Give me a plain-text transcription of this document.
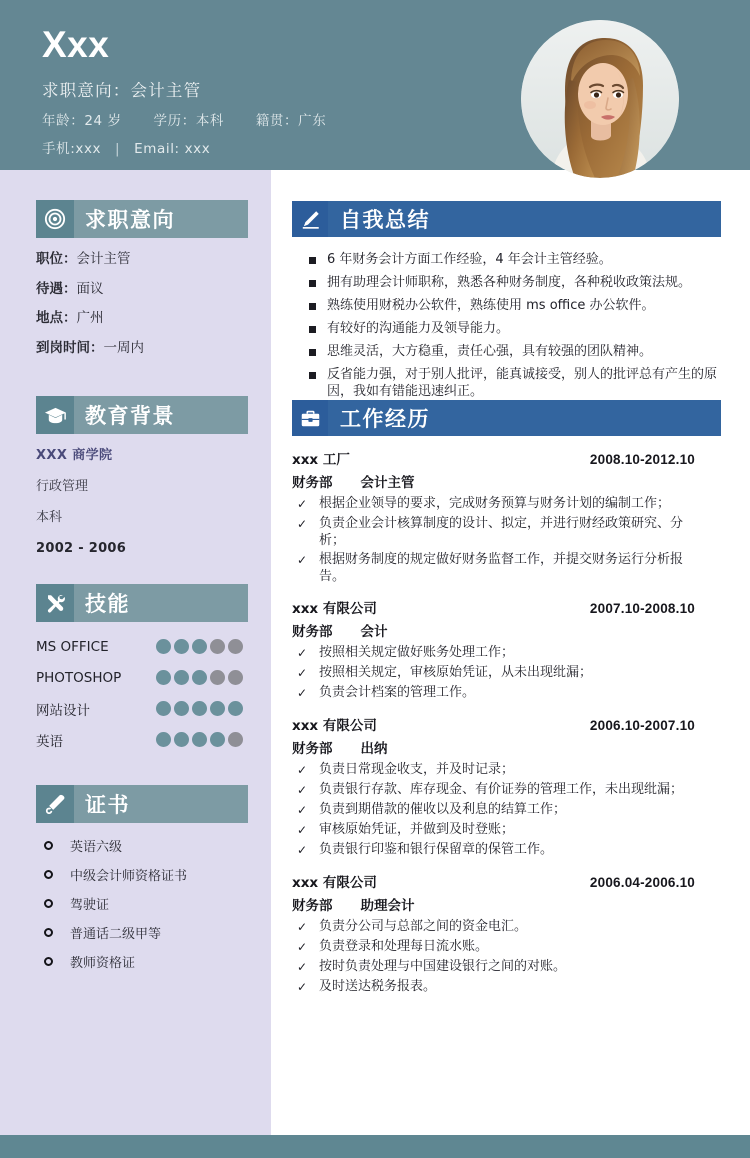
Xxx
求职意向：会计主管
年龄：24 岁 学历：本科 籍贯：广东
手机:xxx | Email: xxx
求职意向
职位：会计主管
待遇：面议
地点：广州
到岗时间：一周内
教育背景
XXX 商学院
行政管理
本科
2002 - 2006
技能
MS OFFICE
PHOTOSHOP
网站设计
英语
证书
英语六级
中级会计师资格证书
驾驶证
普通话二级甲等
教师资格证
自我总结
6 年财务会计方面工作经验，4 年会计主管经验。
拥有助理会计师职称，熟悉各种财务制度，各种税收政策法规。
熟练使用财税办公软件，熟练使用 ms office 办公软件。
有较好的沟通能力及领导能力。
思维灵活，大方稳重，责任心强，具有较强的团队精神。
反省能力强，对于别人批评，能真诚接受，别人的批评总有产生的原因，我如有错能迅速纠正。
工作经历
xxx 工厂	2008.10-2012.10
财务部 会计主管
✓ 根据企业领导的要求，完成财务预算与财务计划的编制工作；
✓ 负责企业会计核算制度的设计、拟定，并进行财经政策研究、分析；
✓ 根据财务制度的规定做好财务监督工作，并提交财务运行分析报告。
xxx 有限公司	2007.10-2008.10
财务部 会计
✓ 按照相关规定做好账务处理工作；
✓ 按照相关规定，审核原始凭证，从未出现纰漏；
✓ 负责会计档案的管理工作。
xxx 有限公司	2006.10-2007.10
财务部 出纳
✓ 负责日常现金收支，并及时记录；
✓ 负责银行存款、库存现金、有价证券的管理工作，未出现纰漏；
✓ 负责到期借款的催收以及利息的结算工作；
✓ 审核原始凭证，并做到及时登账；
✓ 负责银行印鉴和银行保留章的保管工作。
xxx 有限公司	2006.04-2006.10
财务部 助理会计
✓ 负责分公司与总部之间的资金电汇。
✓ 负责登录和处理每日流水账。
✓ 按时负责处理与中国建设银行之间的对账。
✓ 及时送达税务报表。
